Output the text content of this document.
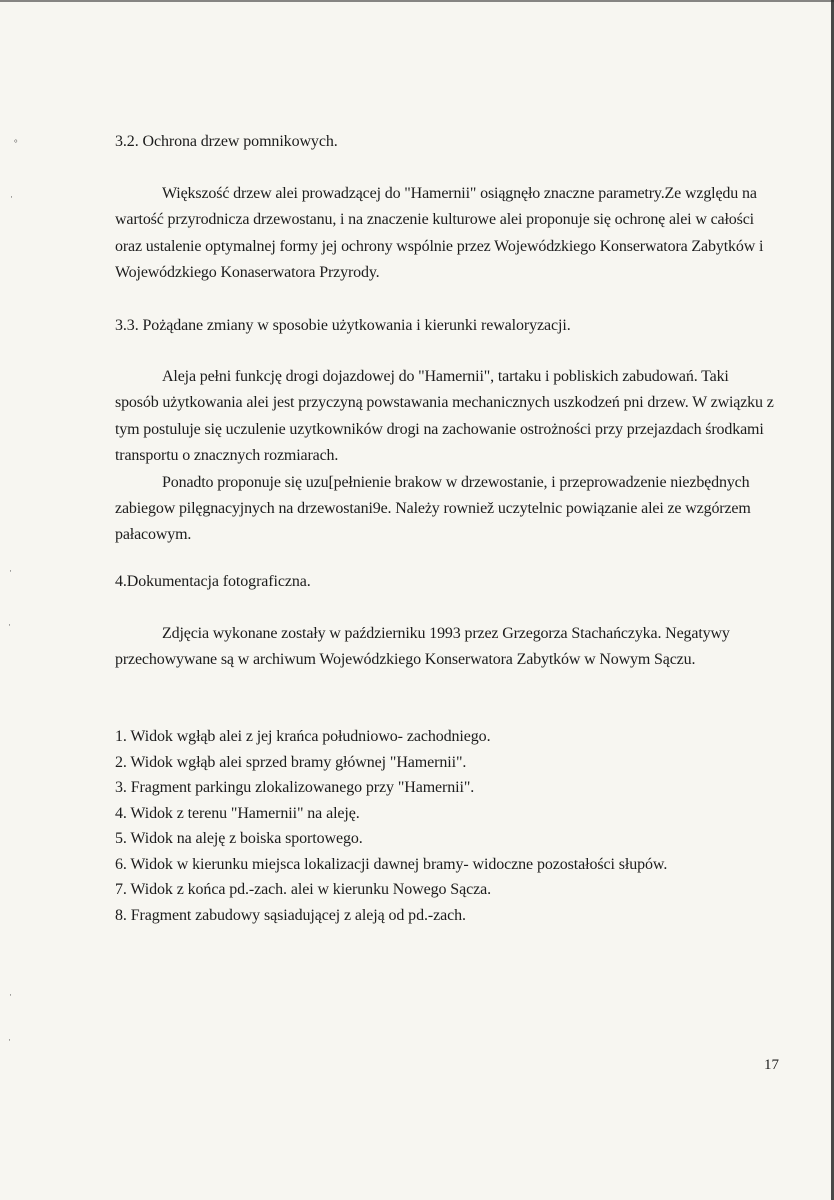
°
·
·
·
·
·
3.2. Ochrona drzew pomnikowych.

Większość drzew alei prowadzącej do "Hamernii" osiągnęło znaczne parametry.Ze względu na wartość przyrodnicza drzewostanu, i na znaczenie kulturowe alei proponuje się ochronę alei w całości oraz ustalenie optymalnej formy jej ochrony wspólnie przez Wojewódzkiego Konserwatora Zabytków i Wojewódzkiego Konaserwatora Przyrody.

3.3. Pożądane zmiany w sposobie użytkowania i kierunki rewaloryzacji.

Aleja pełni funkcję drogi dojazdowej do "Hamernii", tartaku i pobliskich zabudowań. Taki sposób użytkowania alei jest przyczyną powstawania mechanicznych uszkodzeń pni drzew. W związku z tym postuluje się uczulenie uzytkowników drogi na zachowanie ostrożności przy przejazdach środkami transportu o znacznych rozmiarach.

Ponadto proponuje się uzu[pełnienie brakow w drzewostanie, i przeprowadzenie niezbędnych zabiegow pilęgnacyjnych na drzewostani9e. Należy rowniež uczytelnic powiązanie alei ze wzgórzem pałacowym.

4.Dokumentacja fotograficzna.

Zdjęcia wykonane zostały w październiku 1993 przez Grzegorza Stachańczyka. Negatywy przechowywane są w archiwum Wojewódzkiego Konserwatora Zabytków w Nowym Sączu.

1. Widok wgłąb alei z jej krańca południowo- zachodniego.
2. Widok wgłąb alei sprzed bramy głównej "Hamernii".
3. Fragment parkingu zlokalizowanego przy "Hamernii".
4. Widok z terenu "Hamernii" na aleję.
5. Widok na aleję z boiska sportowego.
6. Widok w kierunku miejsca lokalizacji dawnej bramy- widoczne pozostałości słupów.
7. Widok z końca pd.-zach. alei w kierunku Nowego Sącza.
8. Fragment zabudowy sąsiadującej z aleją od pd.-zach.
17
